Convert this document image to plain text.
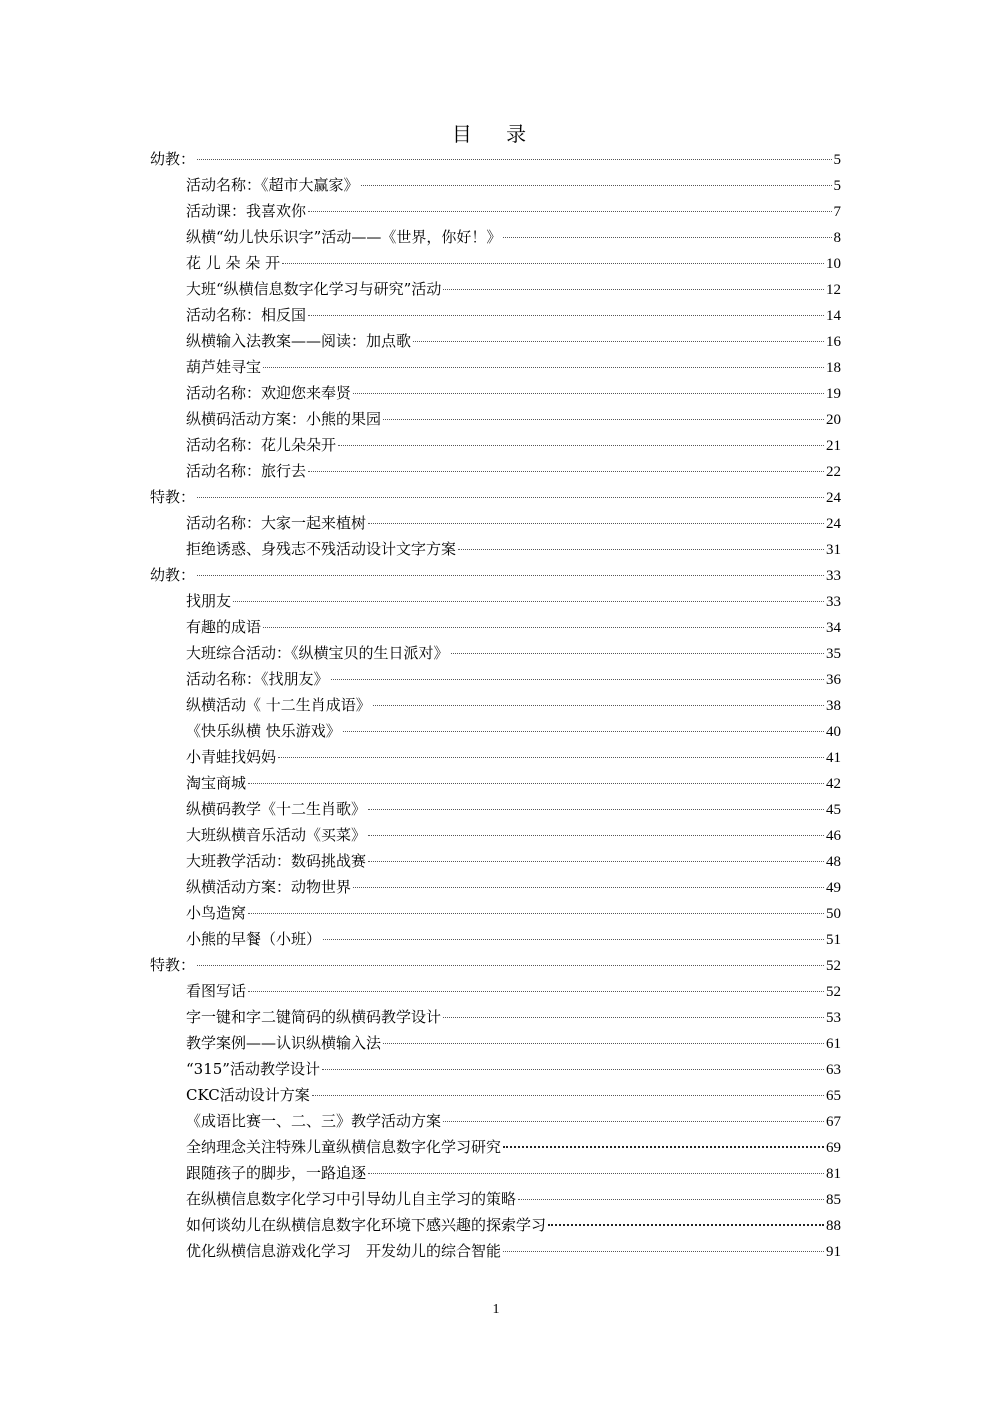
目 录
幼教：	5
活动名称：《超市大赢家》	5
活动课：我喜欢你	7
纵横“幼儿快乐识字”活动——《世界，你好！》	8
花 儿 朵 朵 开	10
大班“纵横信息数字化学习与研究”活动	12
活动名称：相反国	14
纵横输入法教案——阅读：加点歌	16
葫芦娃寻宝	18
活动名称：欢迎您来奉贤	19
纵横码活动方案：小熊的果园	20
活动名称：花儿朵朵开	21
活动名称：旅行去	22
特教：	24
活动名称：大家一起来植树	24
拒绝诱惑、身残志不残活动设计文字方案	31
幼教：	33
找朋友	33
有趣的成语	34
大班综合活动：《纵横宝贝的生日派对》	35
活动名称：《找朋友》	36
纵横活动《 十二生肖成语》	38
《快乐纵横 快乐游戏》	40
小青蛙找妈妈	41
淘宝商城	42
纵横码教学《十二生肖歌》	45
大班纵横音乐活动《买菜》	46
大班教学活动：数码挑战赛	48
纵横活动方案：动物世界	49
小鸟造窝	50
小熊的早餐（小班）	51
特教：	52
看图写话	52
字一键和字二键简码的纵横码教学设计	53
教学案例——认识纵横输入法	61
“315”活动教学设计	63
CKC活动设计方案	65
《成语比赛一、二、三》教学活动方案	67
全纳理念关注特殊儿童纵横信息数字化学习研究	69
跟随孩子的脚步，一路追逐	81
在纵横信息数字化学习中引导幼儿自主学习的策略	85
如何谈幼儿在纵横信息数字化环境下感兴趣的探索学习	88
优化纵横信息游戏化学习　开发幼儿的综合智能	91
1
